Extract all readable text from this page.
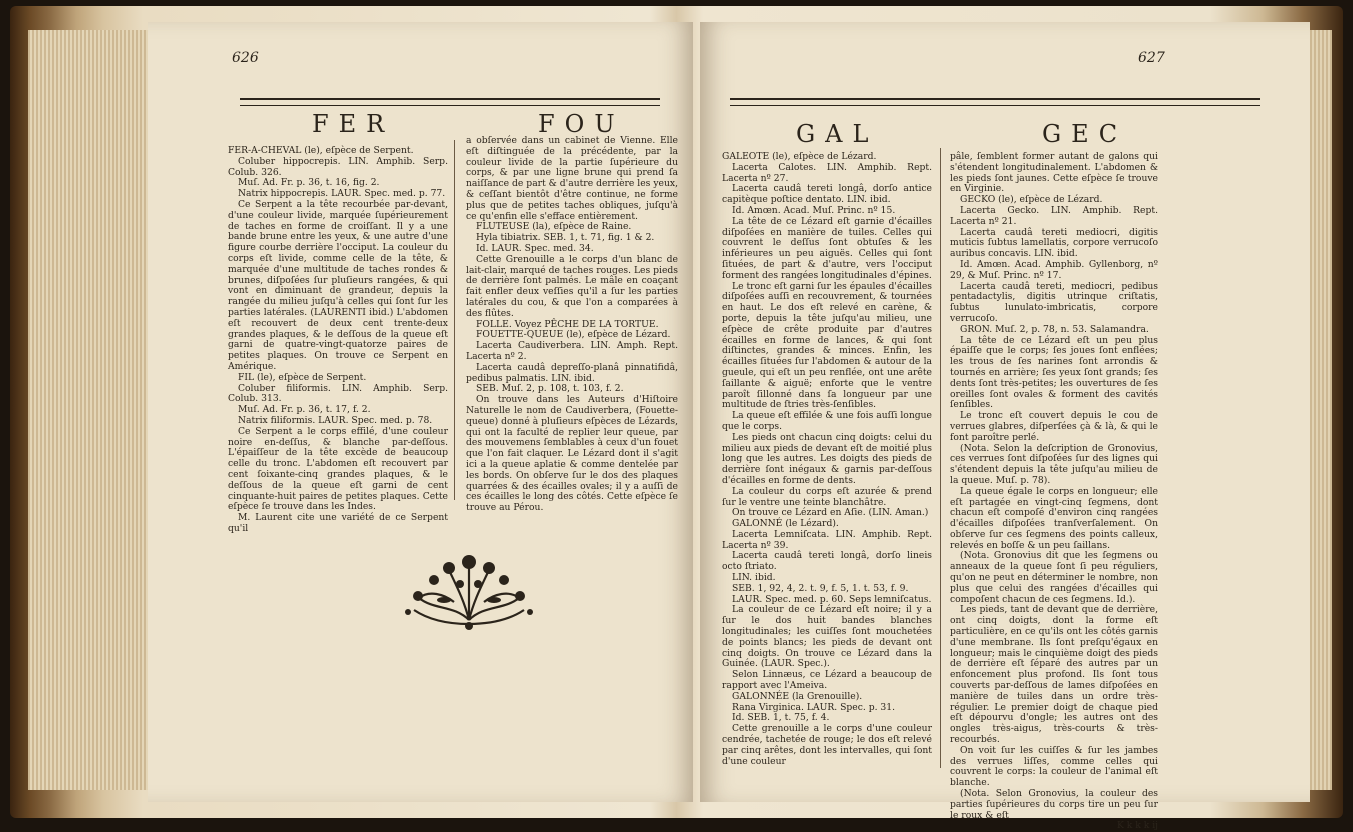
626
FER	FOU

FER-A-CHEVAL (le), eſpèce de Serpent.

Coluber hippocrepis. LIN. Amphib. Serp. Colub. 326.

Muſ. Ad. Fr. p. 36, t. 16, fig. 2.

Natrix hippocrepis. LAUR. Spec. med. p. 77.

Ce Serpent a la tête recourbée par-devant, d'une couleur livide, marquée ſupérieurement de taches en forme de croiſſant. Il y a une bande brune entre les yeux, & une autre d'une figure courbe derrière l'occiput. La couleur du corps eſt livide, comme celle de la tête, & marquée d'une multitude de taches rondes & brunes, diſpoſées ſur pluſieurs rangées, & qui vont en diminuant de grandeur, depuis la rangée du milieu juſqu'à celles qui ſont ſur les parties latérales. (LAURENTI ibid.) L'abdomen eſt recouvert de deux cent trente-deux grandes plaques, & le deſſous de la queue eſt garni de quatre-vingt-quatorze paires de petites plaques. On trouve ce Serpent en Amérique.

FIL (le), eſpèce de Serpent.

Coluber filiformis. LIN. Amphib. Serp. Colub. 313.

Muſ. Ad. Fr. p. 36, t. 17, f. 2.

Natrix filiformis. LAUR. Spec. med. p. 78.

Ce Serpent a le corps effilé, d'une couleur noire en-deſſus, & blanche par-deſſous. L'épaiſſeur de la tête excède de beaucoup celle du tronc. L'abdomen eſt recouvert par cent ſoixante-cinq grandes plaques, & le deſſous de la queue eſt garni de cent cinquante-huit paires de petites plaques. Cette eſpèce ſe trouve dans les Indes.

M. Laurent cite une variété de ce Serpent qu'il

a obſervée dans un cabinet de Vienne. Elle eſt diſtinguée de la précédente, par la couleur livide de la partie ſupérieure du corps, & par une ligne brune qui prend ſa naiſſance de part & d'autre derrière les yeux, & ceſſant bientôt d'être continue, ne forme plus que de petites taches obliques, juſqu'à ce qu'enfin elle s'efface entièrement.

FLUTEUSE (la), eſpèce de Raine.

Hyla tibiatrix. SEB. 1, t. 71, fig. 1 & 2.

Id. LAUR. Spec. med. 34.

Cette Grenouille a le corps d'un blanc de lait-clair, marqué de taches rouges. Les pieds de derrière ſont palmés. Le mâle en coaçant fait enfler deux veſſies qu'il a ſur les parties latérales du cou, & que l'on a comparées à des flûtes.

FOLLE. Voyez PÊCHE DE LA TORTUE.

FOUETTE-QUEUE (le), eſpèce de Lézard.

Lacerta Caudiverbera. LIN. Amph. Rept. Lacerta nº 2.

Lacerta caudâ depreſſo-planâ pinnatifidâ, pedibus palmatis. LIN. ibid.

SEB. Muſ. 2, p. 108, t. 103, f. 2.

On trouve dans les Auteurs d'Hiſtoire Naturelle le nom de Caudiverbera, (Fouette-queue) donné à pluſieurs eſpèces de Lézards, qui ont la faculté de replier leur queue, par des mouvemens ſemblables à ceux d'un fouet que l'on fait claquer. Le Lézard dont il s'agit ici a la queue aplatie & comme dentelée par les bords. On obſerve ſur le dos des plaques quarrées & des écailles ovales; il y a auſſi de ces écailles le long des côtés. Cette eſpèce ſe trouve au Pérou.

627
GAL	GEC

GALEOTE (le), eſpèce de Lézard.

Lacerta Calotes. LIN. Amphib. Rept. Lacerta nº 27.

Lacerta caudâ tereti longâ, dorſo antice capitèque poſtice dentato. LIN. ibid.

Id. Amœn. Acad. Muſ. Princ. nº 15.

La tête de ce Lézard eſt garnie d'écailles diſpoſées en manière de tuiles. Celles qui couvrent le deſſus ſont obtuſes & les inférieures un peu aiguës. Celles qui ſont ſituées, de part & d'autre, vers l'occiput forment des rangées longitudinales d'épines.

Le tronc eſt garni ſur les épaules d'écailles diſpoſées auſſi en recouvrement, & tournées en haut. Le dos eſt relevé en carène, & porte, depuis la tête juſqu'au milieu, une eſpèce de crête produite par d'autres écailles en forme de lances, & qui ſont diſtinctes, grandes & minces. Enfin, les écailles ſituées ſur l'abdomen & autour de la gueule, qui eſt un peu renflée, ont une arête ſaillante & aiguë; enforte que le ventre paroît ſillonné dans ſa longueur par une multitude de ſtries très-ſenſibles.

La queue eſt effilée & une fois auſſi longue que le corps.

Les pieds ont chacun cinq doigts: celui du milieu aux pieds de devant eſt de moitié plus long que les autres. Les doigts des pieds de derrière ſont inégaux & garnis par-deſſous d'écailles en forme de dents.

La couleur du corps eſt azurée & prend ſur le ventre une teinte blanchâtre.

On trouve ce Lézard en Aſie. (LIN. Aman.)

GALONNÉ (le Lézard).

Lacerta Lemniſcata. LIN. Amphib. Rept. Lacerta nº 39.

Lacerta caudâ tereti longâ, dorſo lineis octo ſtriato.

LIN. ibid.

SEB. 1, 92, 4, 2. t. 9, f. 5, 1. t. 53, f. 9.

LAUR. Spec. med. p. 60. Seps lemniſcatus.

La couleur de ce Lézard eſt noire; il y a ſur le dos huit bandes blanches longitudinales; les cuiſſes ſont mouchetées de points blancs; les pieds de devant ont cinq doigts. On trouve ce Lézard dans la Guinée. (LAUR. Spec.).

Selon Linnæus, ce Lézard a beaucoup de rapport avec l'Ameiva.

GALONNÉE (la Grenouille).

Rana Virginica. LAUR. Spec. p. 31.

Id. SEB. 1, t. 75, f. 4.

Cette grenouille a le corps d'une couleur cendrée, tachetée de rouge; le dos eſt relevé par cinq arêtes, dont les intervalles, qui ſont d'une couleur

pâle, ſemblent former autant de galons qui s'étendent longitudinalement. L'abdomen & les pieds ſont jaunes. Cette eſpèce ſe trouve en Virginie.

GECKO (le), eſpèce de Lézard.

Lacerta Gecko. LIN. Amphib. Rept. Lacerta nº 21.

Lacerta caudâ tereti mediocri, digitis muticis ſubtus lamellatis, corpore verrucoſo auribus concavis. LIN. ibid.

Id. Amœn. Acad. Amphib. Gyllenborg, nº 29, & Muſ. Princ. nº 17.

Lacerta caudâ tereti, mediocri, pedibus pentadactylis, digitis utrinque criſtatis, ſubtus lunulato-imbricatis, corpore verrucoſo.

GRON. Muſ. 2, p. 78, n. 53. Salamandra.

La tête de ce Lézard eſt un peu plus épaiſſe que le corps; ſes joues ſont enflées; les trous de ſes narines ſont arrondis & tournés en arrière; ſes yeux ſont grands; ſes dents ſont très-petites; les ouvertures de ſes oreilles ſont ovales & forment des cavités ſenſibles.

Le tronc eſt couvert depuis le cou de verrues glabres, diſperſées çà & là, & qui le font paroître perlé.

(Nota. Selon la deſcription de Gronovius, ces verrues ſont diſpoſées ſur des lignes qui s'étendent depuis la tête juſqu'au milieu de la queue. Muſ. p. 78).

La queue égale le corps en longueur; elle eſt partagée en vingt-cinq ſegmens, dont chacun eſt compoſé d'environ cinq rangées d'écailles diſpoſées tranſverſalement. On obſerve ſur ces ſegmens des points calleux, relevés en boſſe & un peu ſaillans.

(Nota. Gronovius dit que les ſegmens ou anneaux de la queue ſont ſi peu réguliers, qu'on ne peut en déterminer le nombre, non plus que celui des rangées d'écailles qui compoſent chacun de ces ſegmens. Id.).

Les pieds, tant de devant que de derrière, ont cinq doigts, dont la forme eſt particulière, en ce qu'ils ont les côtés garnis d'une membrane. Ils ſont preſqu'égaux en longueur; mais le cinquième doigt des pieds de derrière eſt ſéparé des autres par un enfoncement plus profond. Ils ſont tous couverts par-deſſous de lames diſpoſées en manière de tuiles dans un ordre très-régulier. Le premier doigt de chaque pied eſt dépourvu d'ongle; les autres ont des ongles très-aigus, très-courts & très-recourbés.

On voit ſur les cuiſſes & ſur les jambes des verrues liſſes, comme celles qui couvrent le corps: la couleur de l'animal eſt blanche.

(Nota. Selon Gronovius, la couleur des parties ſupérieures du corps tire un peu ſur le roux & eſt

K k k k ij
